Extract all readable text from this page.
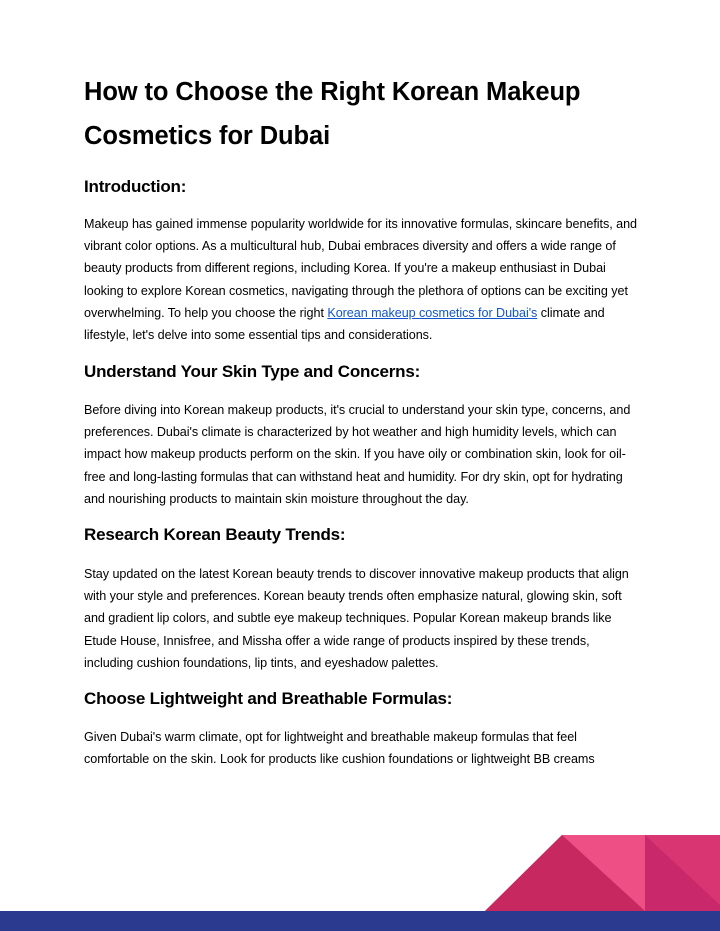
How to Choose the Right Korean Makeup Cosmetics for Dubai
Introduction:

Makeup has gained immense popularity worldwide for its innovative formulas, skincare benefits, and vibrant color options. As a multicultural hub, Dubai embraces diversity and offers a wide range of beauty products from different regions, including Korea. If you're a makeup enthusiast in Dubai looking to explore Korean cosmetics, navigating through the plethora of options can be exciting yet overwhelming. To help you choose the right Korean makeup cosmetics for Dubai's climate and lifestyle, let's delve into some essential tips and considerations.

Understand Your Skin Type and Concerns:

Before diving into Korean makeup products, it's crucial to understand your skin type, concerns, and preferences. Dubai's climate is characterized by hot weather and high humidity levels, which can impact how makeup products perform on the skin. If you have oily or combination skin, look for oil-free and long-lasting formulas that can withstand heat and humidity. For dry skin, opt for hydrating and nourishing products to maintain skin moisture throughout the day.

Research Korean Beauty Trends:

Stay updated on the latest Korean beauty trends to discover innovative makeup products that align with your style and preferences. Korean beauty trends often emphasize natural, glowing skin, soft and gradient lip colors, and subtle eye makeup techniques. Popular Korean makeup brands like Etude House, Innisfree, and Missha offer a wide range of products inspired by these trends, including cushion foundations, lip tints, and eyeshadow palettes.

Choose Lightweight and Breathable Formulas:

Given Dubai's warm climate, opt for lightweight and breathable makeup formulas that feel comfortable on the skin. Look for products like cushion foundations or lightweight BB creams
